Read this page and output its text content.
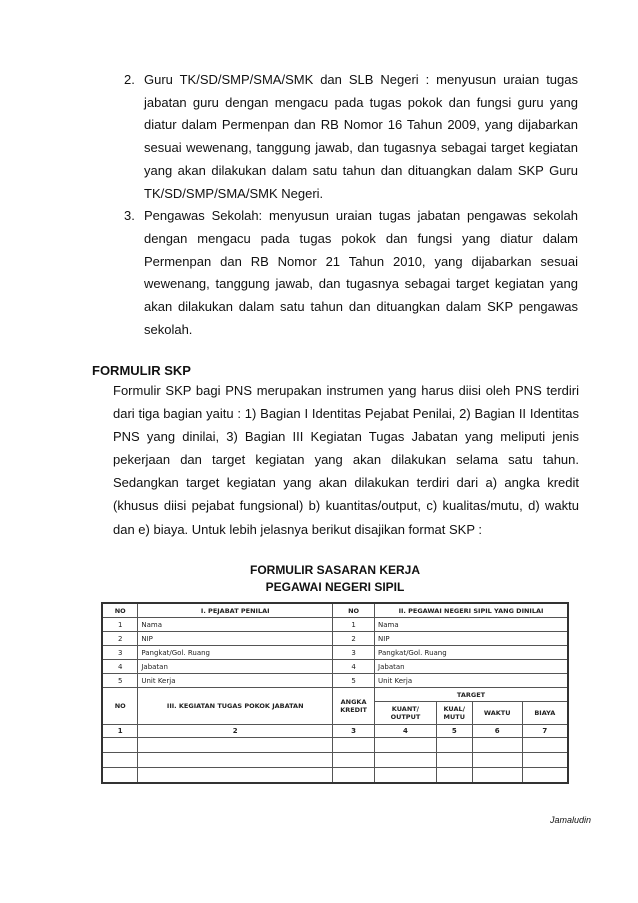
2. Guru TK/SD/SMP/SMA/SMK dan SLB Negeri : menyusun uraian tugas jabatan guru dengan mengacu pada tugas pokok dan fungsi guru yang diatur dalam Permenpan dan RB Nomor 16 Tahun 2009, yang dijabarkan sesuai wewenang, tanggung jawab, dan tugasnya sebagai target kegiatan yang akan dilakukan dalam satu tahun dan dituangkan dalam SKP Guru TK/SD/SMP/SMA/SMK Negeri.
3. Pengawas Sekolah: menyusun uraian tugas jabatan pengawas sekolah dengan mengacu pada tugas pokok dan fungsi yang diatur dalam Permenpan dan RB Nomor 21 Tahun 2010, yang dijabarkan sesuai wewenang, tanggung jawab, dan tugasnya sebagai target kegiatan yang akan dilakukan dalam satu tahun dan dituangkan dalam SKP pengawas sekolah.
FORMULIR SKP
Formulir SKP bagi PNS merupakan instrumen yang harus diisi oleh PNS terdiri dari tiga bagian yaitu : 1) Bagian I Identitas Pejabat Penilai, 2) Bagian II Identitas PNS yang dinilai, 3) Bagian III Kegiatan Tugas Jabatan yang meliputi jenis pekerjaan dan target kegiatan yang akan dilakukan selama satu tahun. Sedangkan target kegiatan yang akan dilakukan terdiri dari a) angka kredit (khusus diisi pejabat fungsional) b) kuantitas/output, c) kualitas/mutu, d) waktu dan e) biaya. Untuk lebih jelasnya berikut disajikan format SKP :
FORMULIR SASARAN KERJA
PEGAWAI NEGERI SIPIL
NO	I. PEJABAT PENILAI	NO	II. PEGAWAI NEGERI SIPIL YANG DINILAI			
1	Nama	1	Nama			
2	NIP	2	NIP			
3	Pangkat/Gol. Ruang	3	Pangkat/Gol. Ruang			
4	Jabatan	4	Jabatan			
5	Unit Kerja	5	Unit Kerja			
NO	III. KEGIATAN TUGAS POKOK JABATAN	ANGKA KREDIT	TARGET			
			KUANT/ OUTPUT	KUAL/ MUTU	WAKTU	BIAYA
1	2	3	4	5	6	7

Jamaludin
